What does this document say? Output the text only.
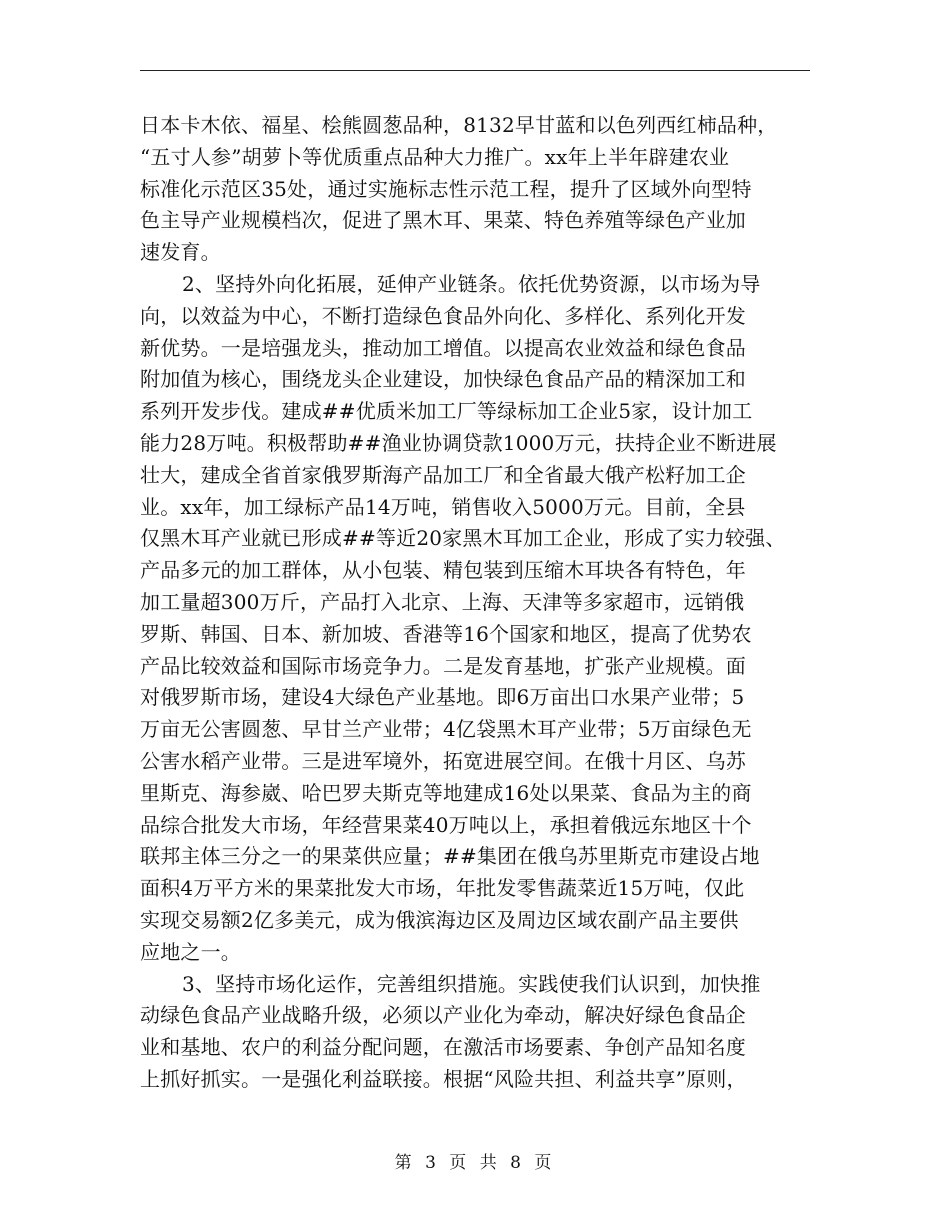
日本卡木依、福星、桧熊圆葱品种，8132早甘蓝和以色列西红柿品种，
“五寸人参”胡萝卜等优质重点品种大力推广。xx年上半年辟建农业
标准化示范区35处，通过实施标志性示范工程，提升了区域外向型特
色主导产业规模档次，促进了黑木耳、果菜、特色养殖等绿色产业加
速发育。
2、坚持外向化拓展，延伸产业链条。依托优势资源，以市场为导
向，以效益为中心，不断打造绿色食品外向化、多样化、系列化开发
新优势。一是培强龙头，推动加工增值。以提高农业效益和绿色食品
附加值为核心，围绕龙头企业建设，加快绿色食品产品的精深加工和
系列开发步伐。建成##优质米加工厂等绿标加工企业5家，设计加工
能力28万吨。积极帮助##渔业协调贷款1000万元，扶持企业不断进展
壮大，建成全省首家俄罗斯海产品加工厂和全省最大俄产松籽加工企
业。xx年，加工绿标产品14万吨，销售收入5000万元。目前，全县
仅黑木耳产业就已形成##等近20家黑木耳加工企业，形成了实力较强、
产品多元的加工群体，从小包装、精包装到压缩木耳块各有特色，年
加工量超300万斤，产品打入北京、上海、天津等多家超市，远销俄
罗斯、韩国、日本、新加坡、香港等16个国家和地区，提高了优势农
产品比较效益和国际市场竞争力。二是发育基地，扩张产业规模。面
对俄罗斯市场，建设4大绿色产业基地。即6万亩出口水果产业带；5
万亩无公害圆葱、早甘兰产业带；4亿袋黑木耳产业带；5万亩绿色无
公害水稻产业带。三是进军境外，拓宽进展空间。在俄十月区、乌苏
里斯克、海参崴、哈巴罗夫斯克等地建成16处以果菜、食品为主的商
品综合批发大市场，年经营果菜40万吨以上，承担着俄远东地区十个
联邦主体三分之一的果菜供应量；##集团在俄乌苏里斯克市建设占地
面积4万平方米的果菜批发大市场，年批发零售蔬菜近15万吨，仅此
实现交易额2亿多美元，成为俄滨海边区及周边区域农副产品主要供
应地之一。
3、坚持市场化运作，完善组织措施。实践使我们认识到，加快推
动绿色食品产业战略升级，必须以产业化为牵动，解决好绿色食品企
业和基地、农户的利益分配问题，在激活市场要素、争创产品知名度
上抓好抓实。一是强化利益联接。根据“风险共担、利益共享”原则，
第 3 页 共 8 页
